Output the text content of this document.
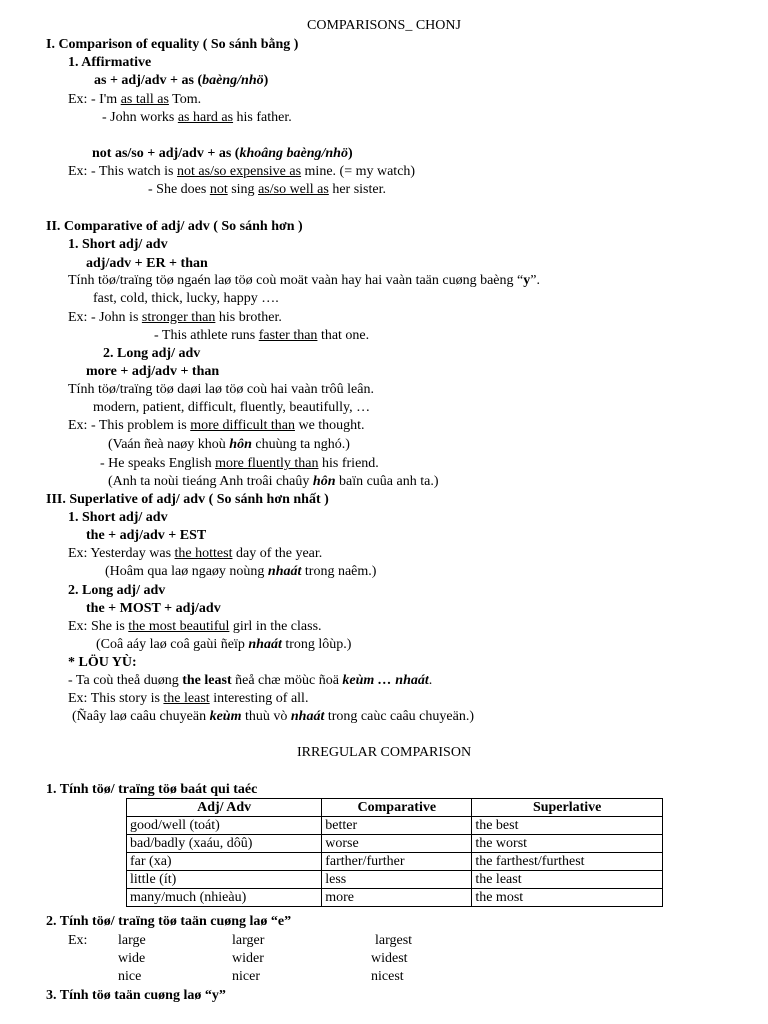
COMPARISONS_ CHONJ
I. Comparison of equality ( So sánh bằng )
1. Affirmative
as + adj/adv + as (baèng/nhö)
Ex: - I'm as tall as Tom.
- John works as hard as his father.
not as/so + adj/adv + as (khoâng baèng/nhö)
Ex: - This watch is not as/so expensive as mine. (= my watch)
- She does not sing as/so well as her sister.
II. Comparative of adj/ adv ( So sánh hơn )
1. Short adj/ adv
adj/adv + ER + than
Tính töø/traïng töø ngaén laø töø coù moät vaàn hay hai vaàn taän cuøng baèng “y”.
fast, cold, thick, lucky, happy ….
Ex: - John is stronger than his brother.
- This athlete runs faster than that one.
2. Long adj/ adv
more + adj/adv + than
Tính töø/traïng töø daøi laø töø coù hai vaàn trôû leân.
modern, patient, difficult, fluently, beautifully, …
Ex: - This problem is more difficult than we thought.
(Vaán ñeà naøy khoù hôn chuùng ta nghó.)
- He speaks English more fluently than his friend.
(Anh ta noùi tieáng Anh troâi chaûy hôn baïn cuûa anh ta.)
III. Superlative of adj/ adv ( So sánh hơn nhất )
1. Short adj/ adv
the + adj/adv + EST
Ex: Yesterday was the hottest day of the year.
(Hoâm qua laø ngaøy noùng nhaát trong naêm.)
2. Long adj/ adv
the + MOST + adj/adv
Ex: She is the most beautiful girl in the class.
(Coâ aáy laø coâ gaùi ñeïp nhaát trong lôùp.)
* LÖU YÙ:
- Ta coù theå duøng the least ñeå chæ möùc ñoä keùm … nhaát.
Ex: This story is the least interesting of all.
(Ñaây laø caâu chuyeän keùm thuù vò nhaát trong caùc caâu chuyeän.)
IRREGULAR COMPARISON
1. Tính töø/ traïng töø baát qui taéc
Adj/ Adv	Comparative	Superlative
good/well (toát)	better	the best
bad/badly (xaáu, dôû)	worse	the worst
far (xa)	farther/further	the farthest/furthest
little (ít)	less	the least
many/much (nhieàu)	more	the most
2. Tính töø/ traïng töø taän cuøng laø “e”
Ex: large	larger	largest
wide	wider	widest
nice	nicer	nicest
3. Tính töø taän cuøng laø “y”
